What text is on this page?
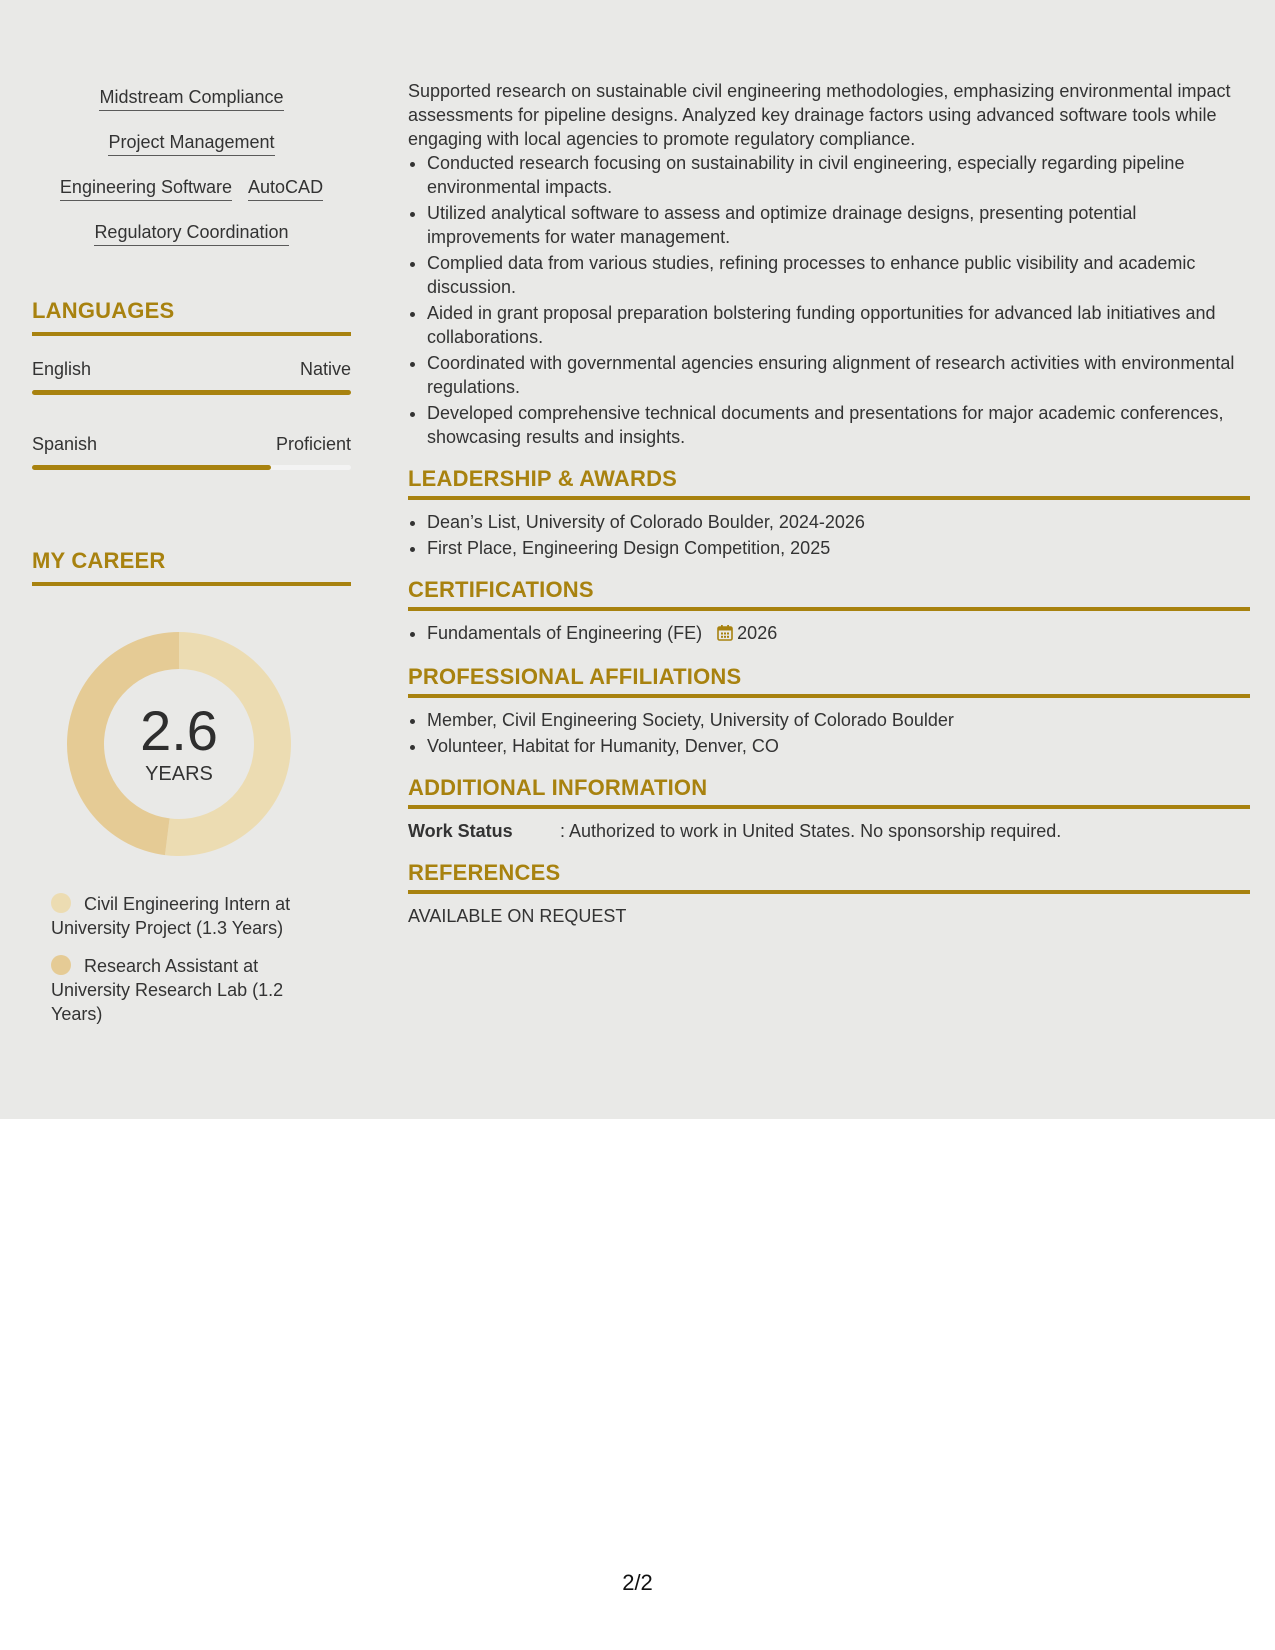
Midstream Compliance
Project Management
Engineering Software AutoCAD
Regulatory Coordination
LANGUAGES
English	Native
Spanish	Proficient
MY CAREER
2.6
YEARS
Civil Engineering Intern at University Project (1.3 Years)
Research Assistant at University Research Lab (1.2 Years)

Supported research on sustainable civil engineering methodologies, emphasizing environmental impact assessments for pipeline designs. Analyzed key drainage factors using advanced software tools while engaging with local agencies to promote regulatory compliance.

• Conducted research focusing on sustainability in civil engineering, especially regarding pipeline environmental impacts.
• Utilized analytical software to assess and optimize drainage designs, presenting potential improvements for water management.
• Complied data from various studies, refining processes to enhance public visibility and academic discussion.
• Aided in grant proposal preparation bolstering funding opportunities for advanced lab initiatives and collaborations.
• Coordinated with governmental agencies ensuring alignment of research activities with environmental regulations.
• Developed comprehensive technical documents and presentations for major academic conferences, showcasing results and insights.
LEADERSHIP & AWARDS
• Dean’s List, University of Colorado Boulder, 2024-2026
• First Place, Engineering Design Competition, 2025
CERTIFICATIONS
• Fundamentals of Engineering (FE) 2026
PROFESSIONAL AFFILIATIONS
• Member, Civil Engineering Society, University of Colorado Boulder
• Volunteer, Habitat for Humanity, Denver, CO
ADDITIONAL INFORMATION
Work Status	: Authorized to work in United States. No sponsorship required.
REFERENCES
AVAILABLE ON REQUEST
2/2
